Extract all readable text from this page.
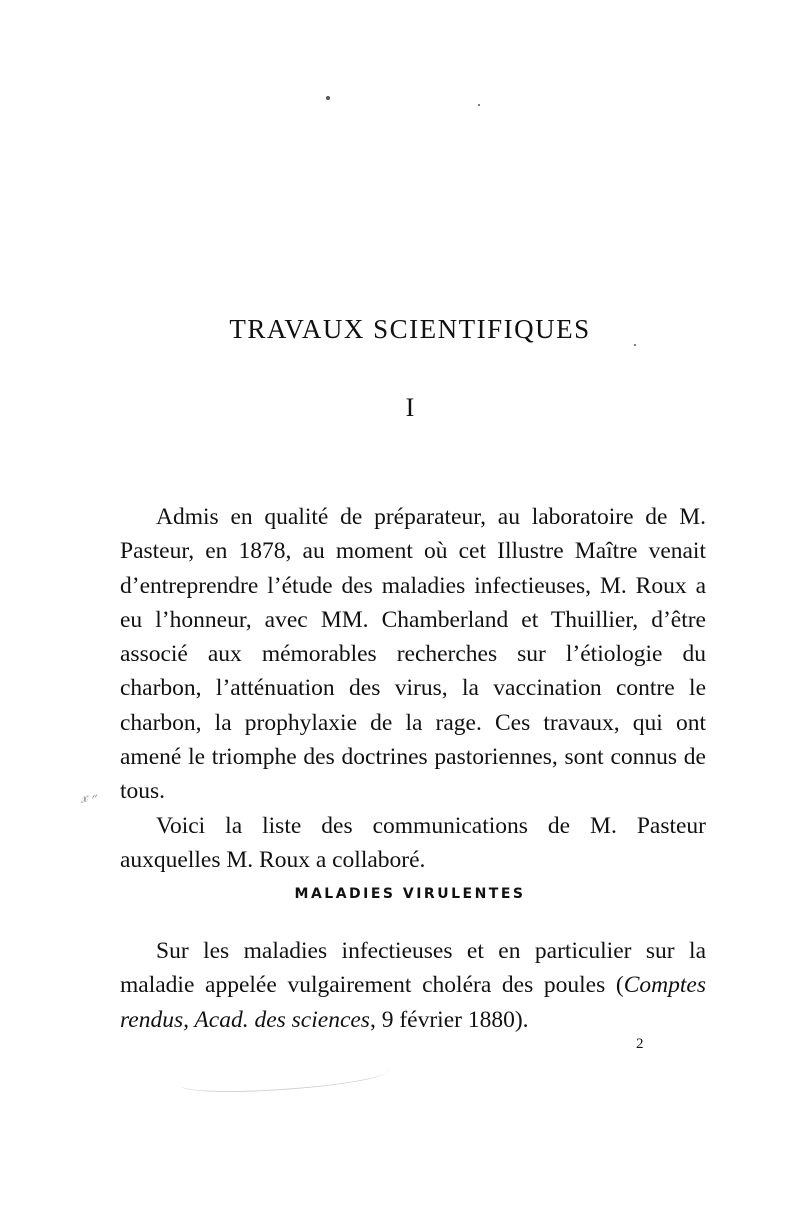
𝓍 ˶
TRAVAUX SCIENTIFIQUES
I

Admis en qualité de préparateur, au laboratoire de M. Pasteur, en 1878, au moment où cet Illustre Maître venait d’entreprendre l’étude des maladies infectieuses, M. Roux a eu l’honneur, avec MM. Chamberland et Thuillier, d’être associé aux mémorables recherches sur l’étiologie du charbon, l’atténuation des virus, la vaccination contre le charbon, la prophylaxie de la rage. Ces travaux, qui ont amené le triomphe des doctrines pastoriennes, sont connus de tous.

Voici la liste des communications de M. Pasteur auxquelles M. Roux a collaboré.

MALADIES VIRULENTES

Sur les maladies infectieuses et en particulier sur la maladie appelée vulgairement choléra des poules (Comptes rendus, Acad. des sciences, 9 février 1880).

2
